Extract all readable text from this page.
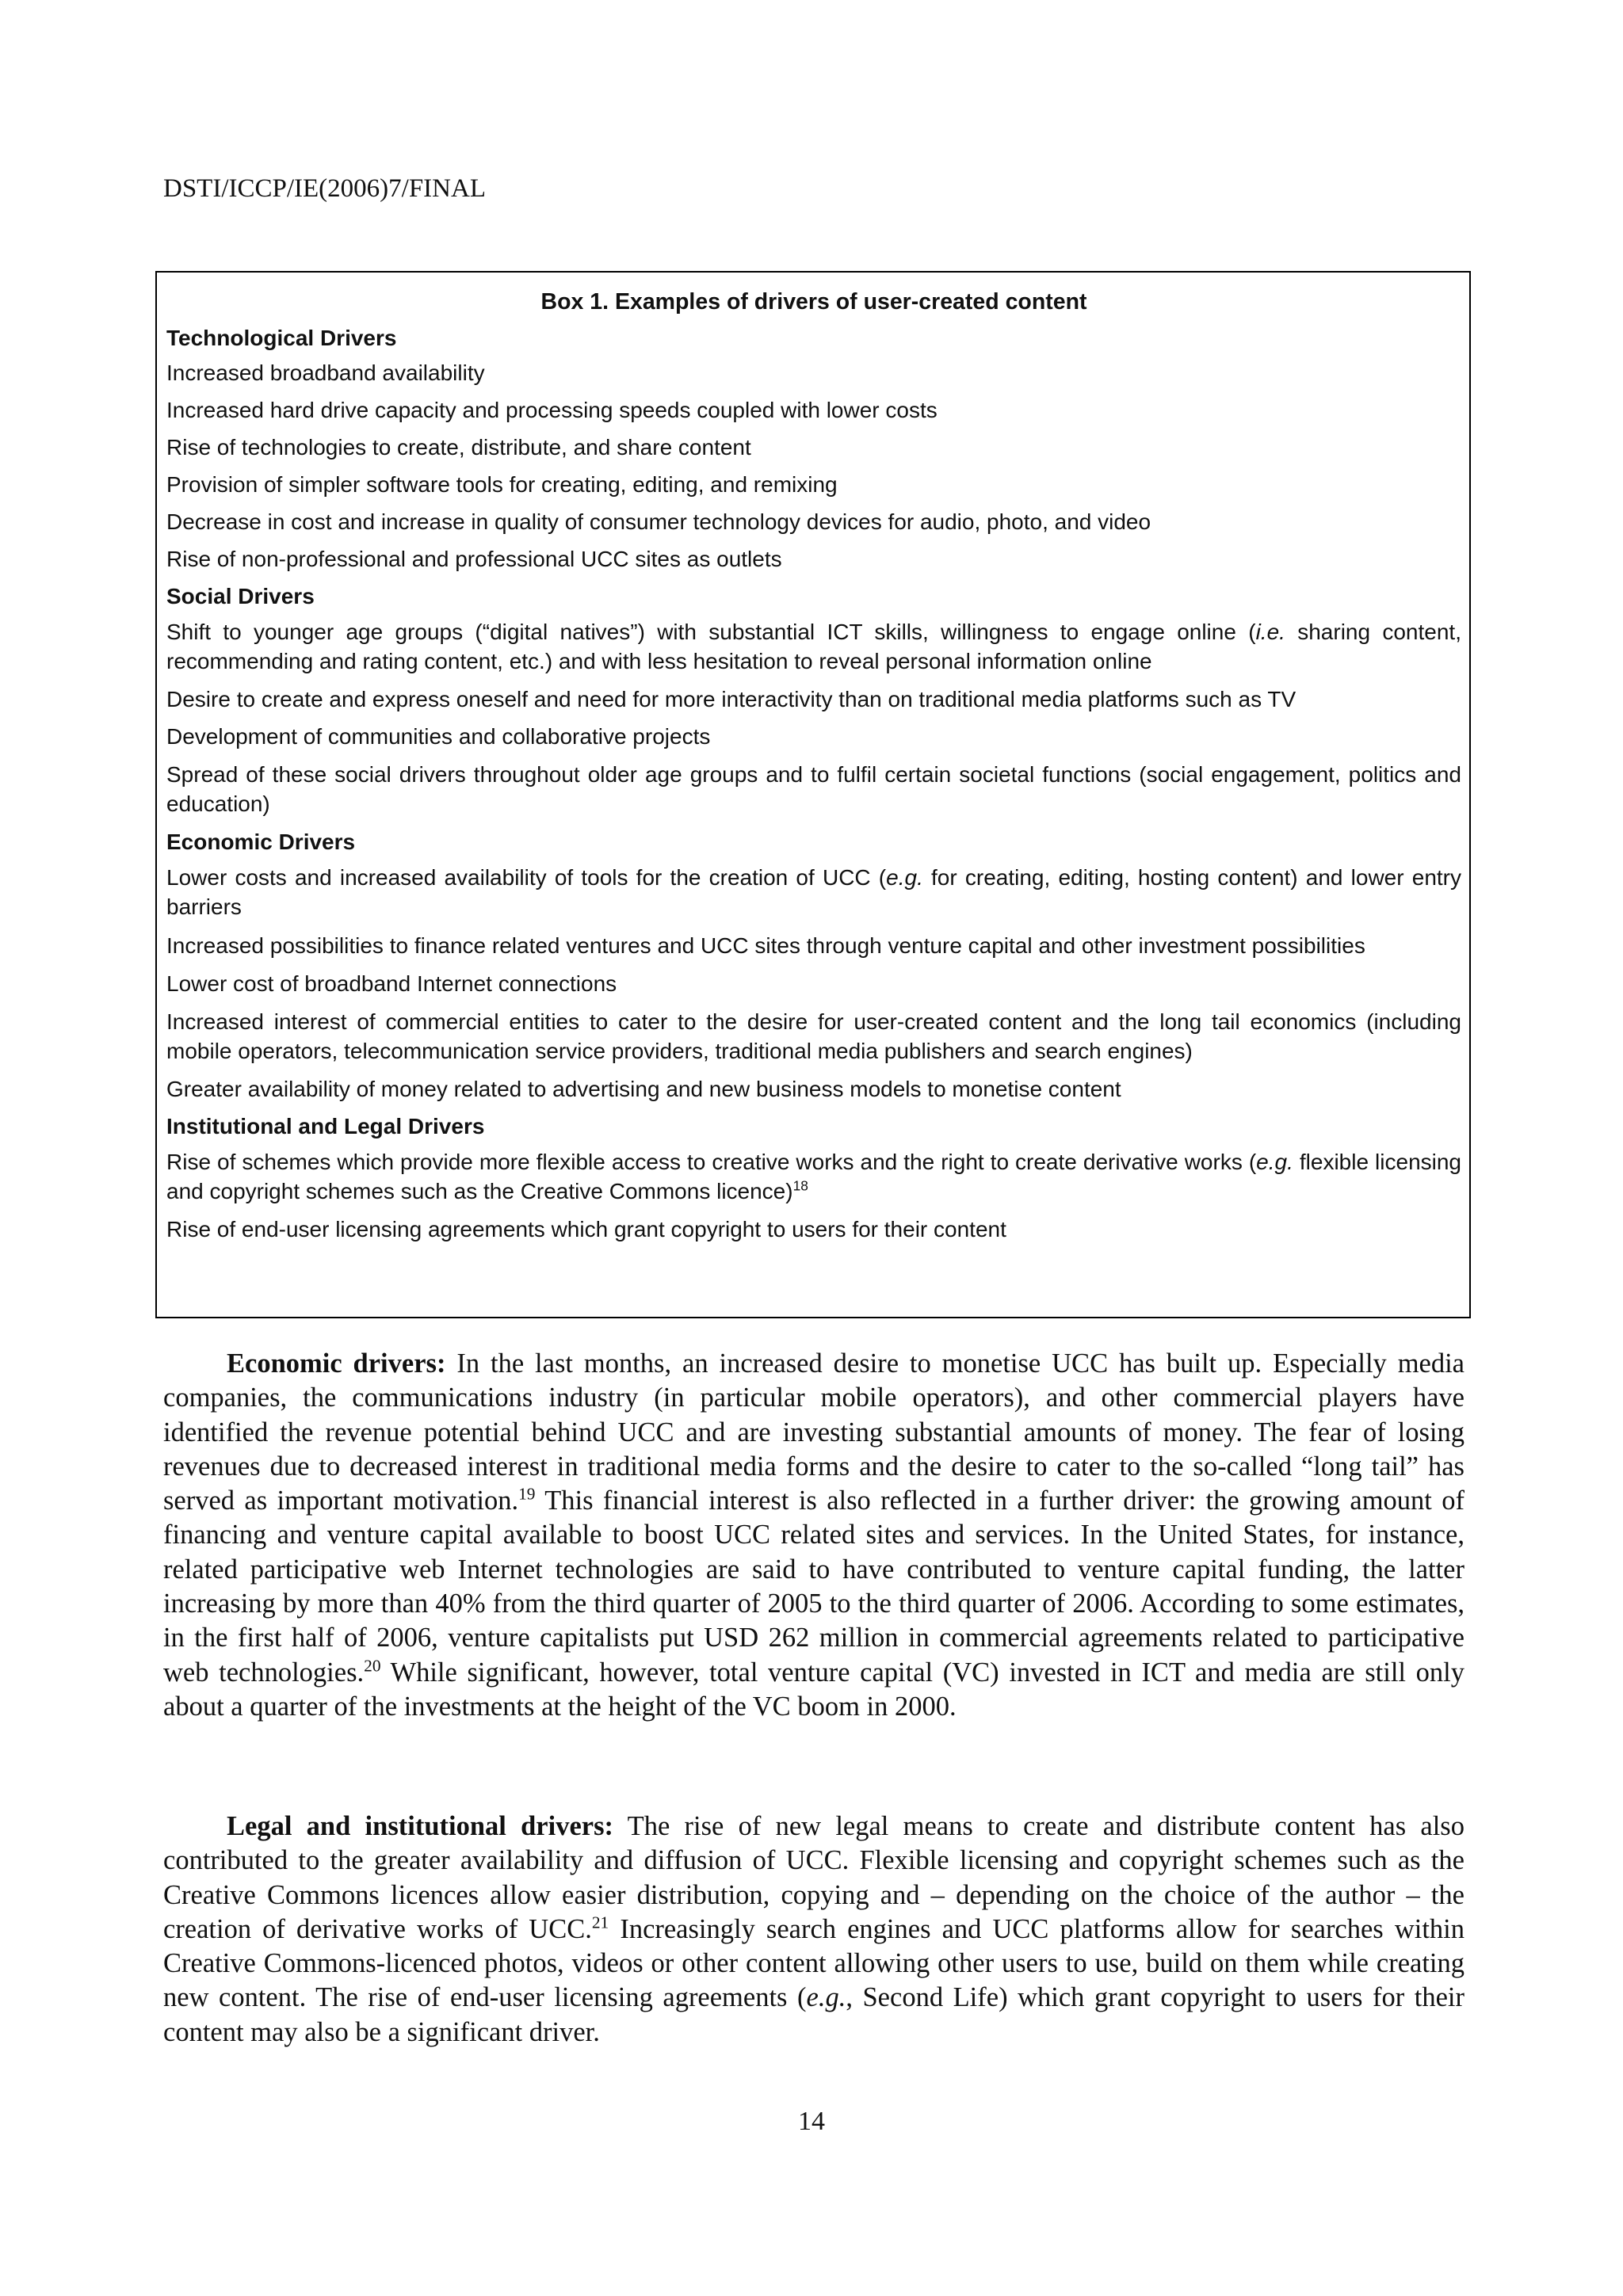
DSTI/ICCP/IE(2006)7/FINAL
Box 1. Examples of drivers of user-created content
Technological Drivers
Increased broadband availability
Increased hard drive capacity and processing speeds coupled with lower costs
Rise of technologies to create, distribute, and share content
Provision of simpler software tools for creating, editing, and remixing
Decrease in cost and increase in quality of consumer technology devices for audio, photo, and video
Rise of non-professional and professional UCC sites as outlets
Social Drivers
Shift to younger age groups (“digital natives”) with substantial ICT skills, willingness to engage online (i.e. sharing content, recommending and rating content, etc.) and with less hesitation to reveal personal information online
Desire to create and express oneself and need for more interactivity than on traditional media platforms such as TV
Development of communities and collaborative projects
Spread of these social drivers throughout older age groups and to fulfil certain societal functions (social engagement, politics and education)
Economic Drivers
Lower costs and increased availability of tools for the creation of UCC (e.g. for creating, editing, hosting content) and lower entry barriers
Increased possibilities to finance related ventures and UCC sites through venture capital and other investment possibilities
Lower cost of broadband Internet connections
Increased interest of commercial entities to cater to the desire for user-created content and the long tail economics (including mobile operators, telecommunication service providers, traditional media publishers and search engines)
Greater availability of money related to advertising and new business models to monetise content
Institutional and Legal Drivers
Rise of schemes which provide more flexible access to creative works and the right to create derivative works (e.g. flexible licensing and copyright schemes such as the Creative Commons licence)$^{18}$
Rise of end-user licensing agreements which grant copyright to users for their content

Economic drivers: In the last months, an increased desire to monetise UCC has built up. Especially media companies, the communications industry (in particular mobile operators), and other commercial players have identified the revenue potential behind UCC and are investing substantial amounts of money. The fear of losing revenues due to decreased interest in traditional media forms and the desire to cater to the so-called “long tail” has served as important motivation.$^{19}$ This financial interest is also reflected in a further driver: the growing amount of financing and venture capital available to boost UCC related sites and services. In the United States, for instance, related participative web Internet technologies are said to have contributed to venture capital funding, the latter increasing by more than 40% from the third quarter of 2005 to the third quarter of 2006. According to some estimates, in the first half of 2006, venture capitalists put USD 262 million in commercial agreements related to participative web technologies.$^{20}$ While significant, however, total venture capital (VC) invested in ICT and media are still only about a quarter of the investments at the height of the VC boom in 2000.

Legal and institutional drivers: The rise of new legal means to create and distribute content has also contributed to the greater availability and diffusion of UCC. Flexible licensing and copyright schemes such as the Creative Commons licences allow easier distribution, copying and – depending on the choice of the author – the creation of derivative works of UCC.$^{21}$ Increasingly search engines and UCC platforms allow for searches within Creative Commons-licenced photos, videos or other content allowing other users to use, build on them while creating new content. The rise of end-user licensing agreements (e.g., Second Life) which grant copyright to users for their content may also be a significant driver.

14
